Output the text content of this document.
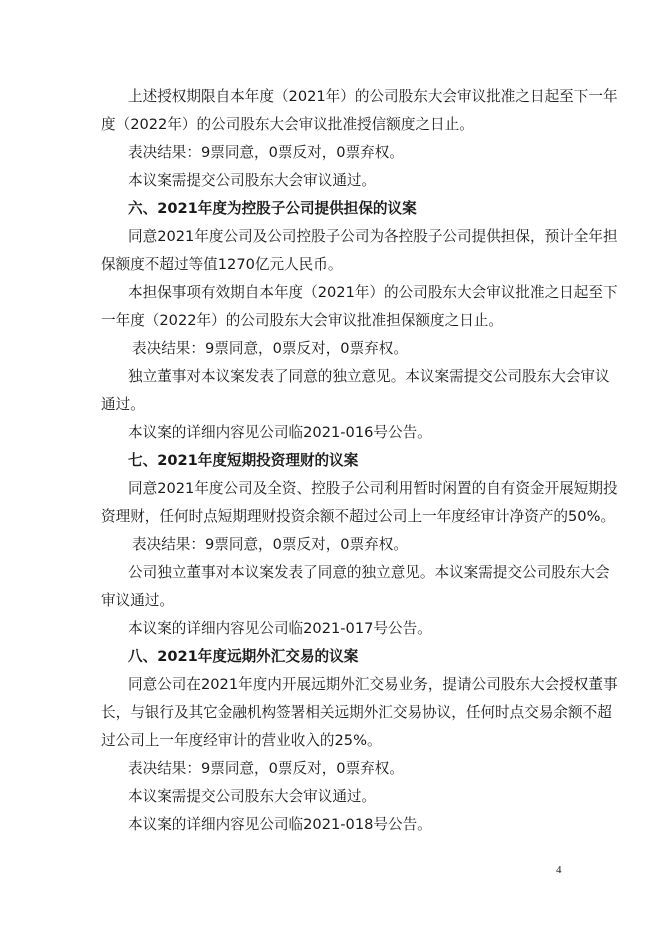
上述授权期限自本年度（2021年）的公司股东大会审议批准之日起至下一年
度（2022年）的公司股东大会审议批准授信额度之日止。
表决结果：9票同意，0票反对，0票弃权。
本议案需提交公司股东大会审议通过。
六、2021年度为控股子公司提供担保的议案
同意2021年度公司及公司控股子公司为各控股子公司提供担保，预计全年担
保额度不超过等值1270亿元人民币。
本担保事项有效期自本年度（2021年）的公司股东大会审议批准之日起至下
一年度（2022年）的公司股东大会审议批准担保额度之日止。
表决结果：9票同意，0票反对，0票弃权。
独立董事对本议案发表了同意的独立意见。本议案需提交公司股东大会审议
通过。
本议案的详细内容见公司临2021-016号公告。
七、2021年度短期投资理财的议案
同意2021年度公司及全资、控股子公司利用暂时闲置的自有资金开展短期投
资理财，任何时点短期理财投资余额不超过公司上一年度经审计净资产的50%。
表决结果：9票同意，0票反对，0票弃权。
公司独立董事对本议案发表了同意的独立意见。本议案需提交公司股东大会
审议通过。
本议案的详细内容见公司临2021-017号公告。
八、2021年度远期外汇交易的议案
同意公司在2021年度内开展远期外汇交易业务，提请公司股东大会授权董事
长，与银行及其它金融机构签署相关远期外汇交易协议，任何时点交易余额不超
过公司上一年度经审计的营业收入的25%。
表决结果：9票同意，0票反对，0票弃权。
本议案需提交公司股东大会审议通过。
本议案的详细内容见公司临2021-018号公告。
4
